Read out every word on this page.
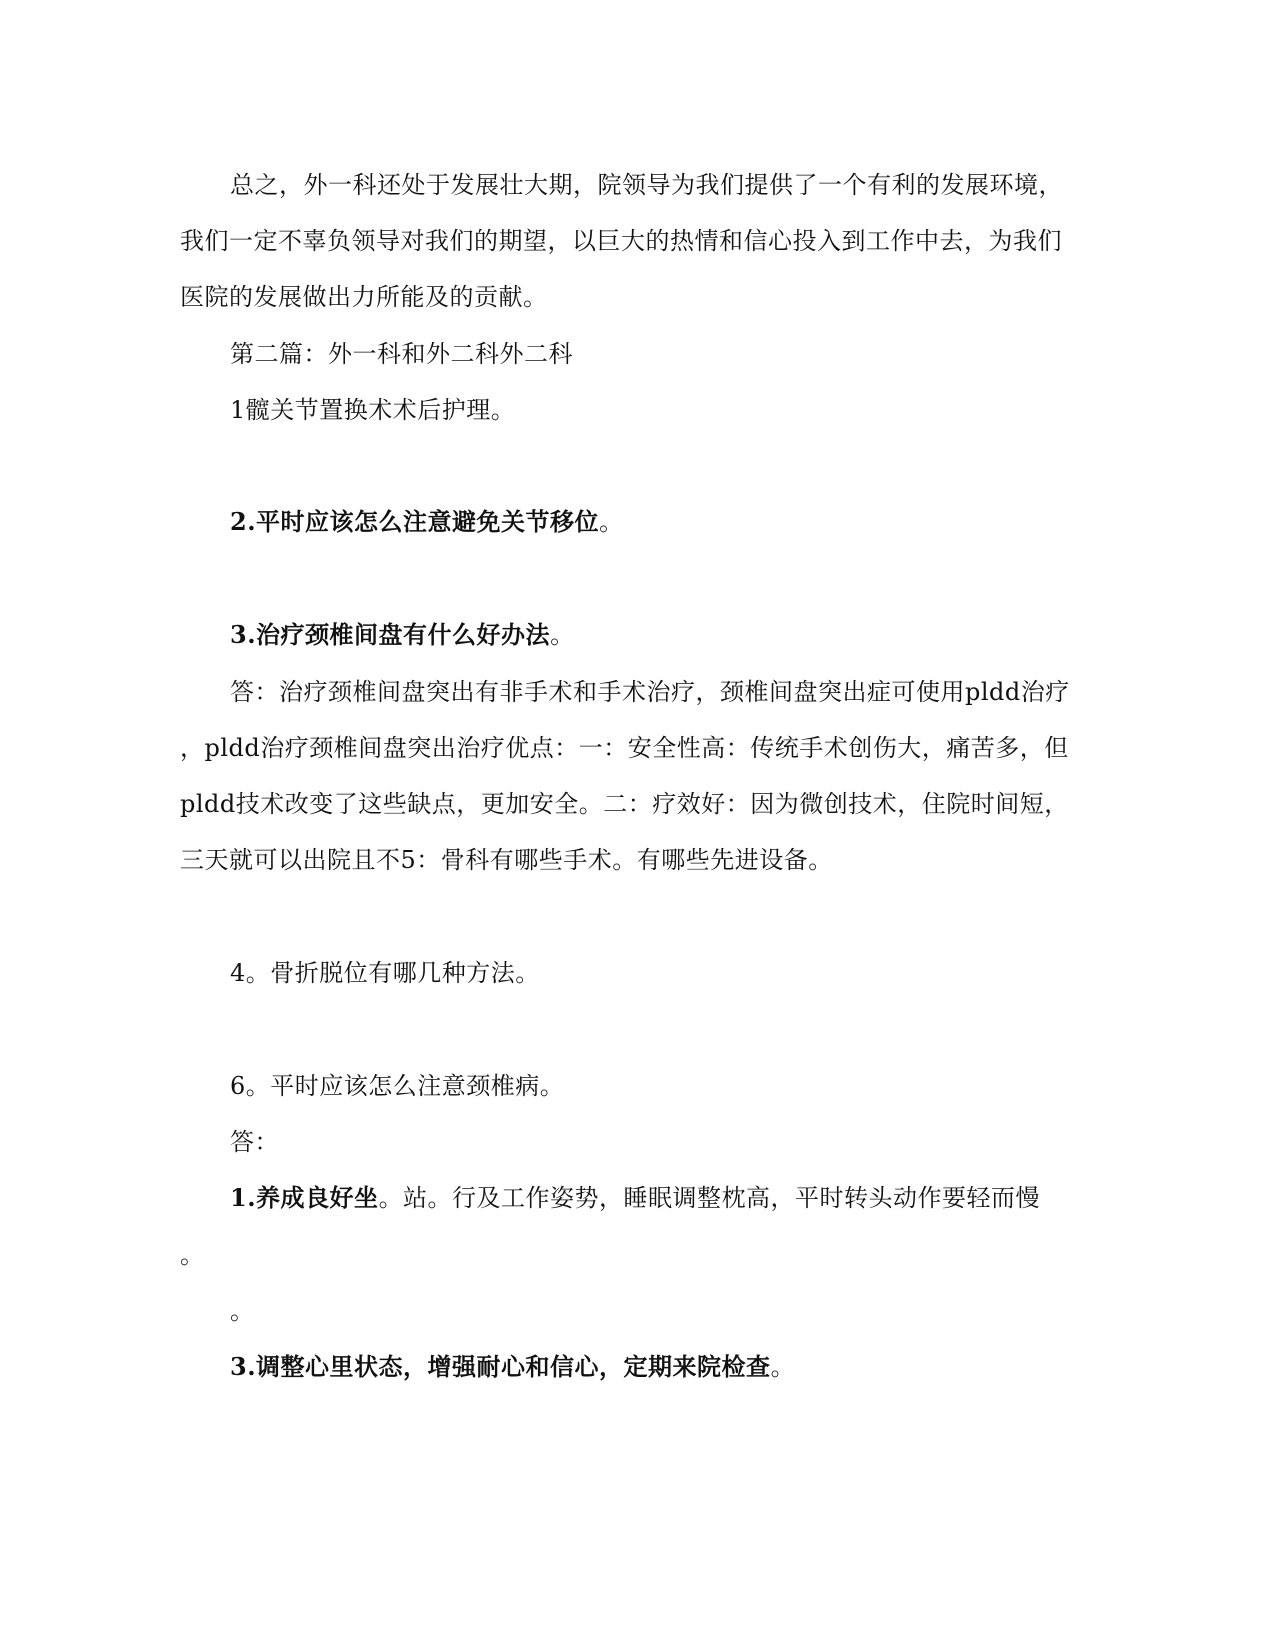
总之，外一科还处于发展壮大期，院领导为我们提供了一个有利的发展环境，
我们一定不辜负领导对我们的期望，以巨大的热情和信心投入到工作中去，为我们
医院的发展做出力所能及的贡献。
第二篇：外一科和外二科外二科
1髋关节置换术术后护理。
2.平时应该怎么注意避免关节移位。
3.治疗颈椎间盘有什么好办法。
答：治疗颈椎间盘突出有非手术和手术治疗，颈椎间盘突出症可使用pldd治疗
，pldd治疗颈椎间盘突出治疗优点：一：安全性高：传统手术创伤大，痛苦多，但
pldd技术改变了这些缺点，更加安全。二：疗效好：因为微创技术，住院时间短，
三天就可以出院且不5：骨科有哪些手术。有哪些先进设备。
4。骨折脱位有哪几种方法。
6。平时应该怎么注意颈椎病。
答：
1.养成良好坐。站。行及工作姿势，睡眠调整枕高，平时转头动作要轻而慢
。
。
3.调整心里状态，增强耐心和信心，定期来院检查。
